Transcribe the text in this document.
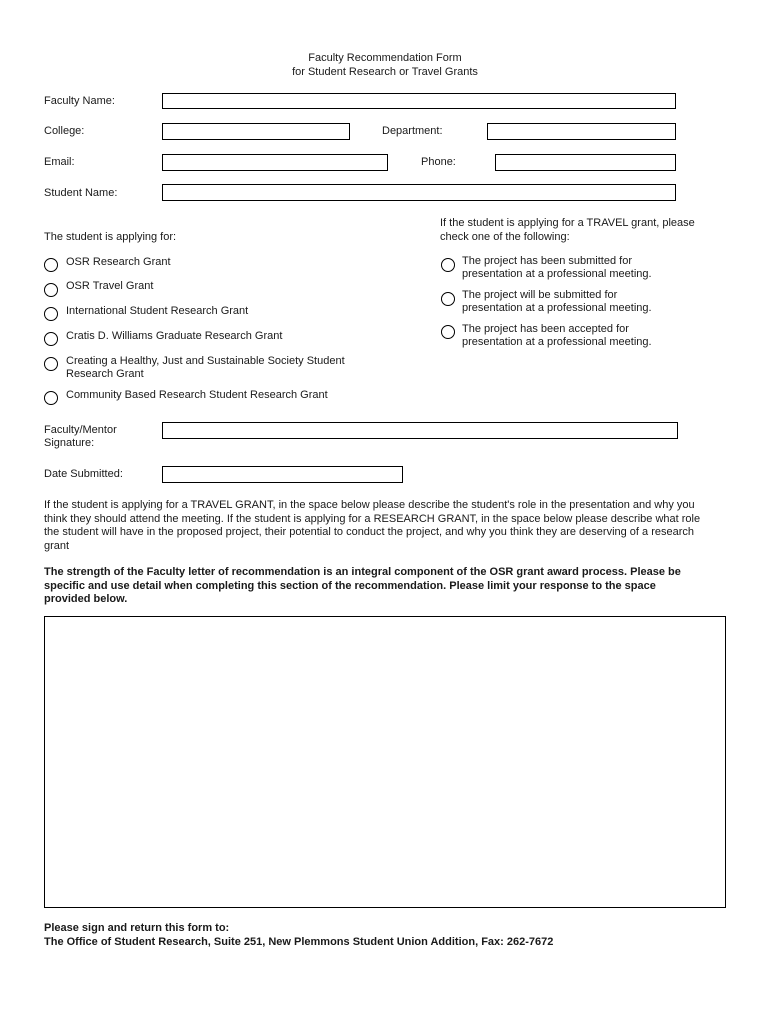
Faculty Recommendation Form
for Student Research or Travel Grants
Faculty Name:
College:	Department:
Email:	Phone:
Student Name:
The student is applying for:
OSR Research Grant
OSR Travel Grant
International Student Research Grant
Cratis D. Williams Graduate Research Grant
Creating a Healthy, Just and Sustainable Society Student
Research Grant
Community Based Research Student Research Grant
If the student is applying for a TRAVEL grant, please
check one of the following:
The project has been submitted for
presentation at a professional meeting.
The project will be submitted for
presentation at a professional meeting.
The project has been accepted for
presentation at a professional meeting.
Faculty/Mentor
Signature:
Date Submitted:
If the student is applying for a TRAVEL GRANT, in the space below please describe the student's role in the presentation and why you
think they should attend the meeting. If the student is applying for a RESEARCH GRANT, in the space below please describe what role
the student will have in the proposed project, their potential to conduct the project, and why you think they are deserving of a research
grant
The strength of the Faculty letter of recommendation is an integral component of the OSR grant award process. Please be
specific and use detail when completing this section of the recommendation. Please limit your response to the space
provided below.
Please sign and return this form to:
The Office of Student Research, Suite 251, New Plemmons Student Union Addition, Fax: 262-7672
